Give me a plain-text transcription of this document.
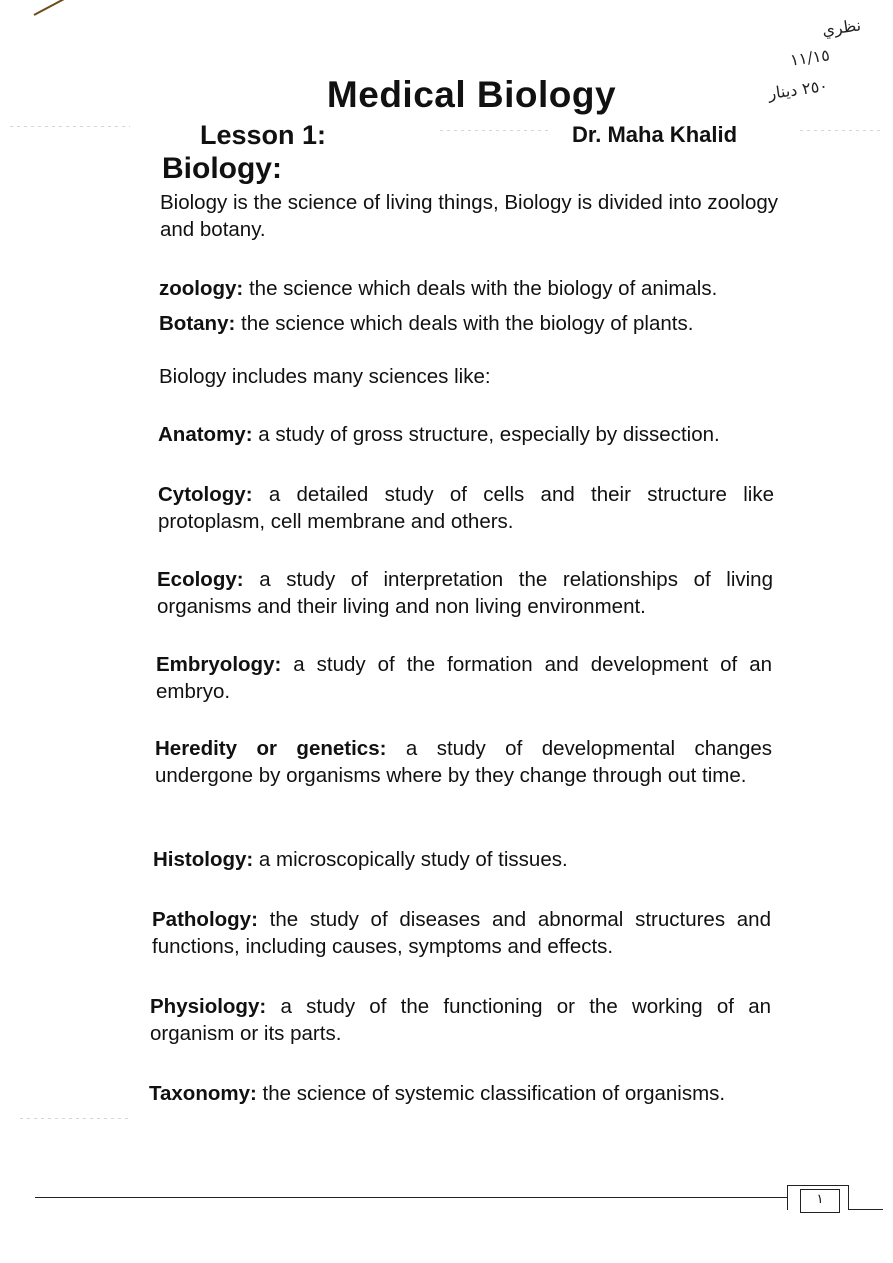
نظري
١١/١٥
٢٥٠ دينار
Medical Biology
Lesson 1:	Dr. Maha Khalid
Biology:
Biology is the science of living things, Biology is divided into zoology and botany.
zoology: the science which deals with the biology of animals.
Botany: the science which deals with the biology of plants.
Biology includes many sciences like:
Anatomy: a study of gross structure, especially by dissection.
Cytology: a detailed study of cells and their structure like protoplasm, cell membrane and others.
Ecology: a study of interpretation the relationships of living organisms and their living and non living environment.
Embryology: a study of the formation and development of an embryo.
Heredity or genetics: a study of developmental changes undergone by organisms where by they change through out time.
Histology: a microscopically study of tissues.
Pathology: the study of diseases and abnormal structures and functions, including causes, symptoms and effects.
Physiology: a study of the functioning or the working of an organism or its parts.
Taxonomy: the science of systemic classification of organisms.
١
